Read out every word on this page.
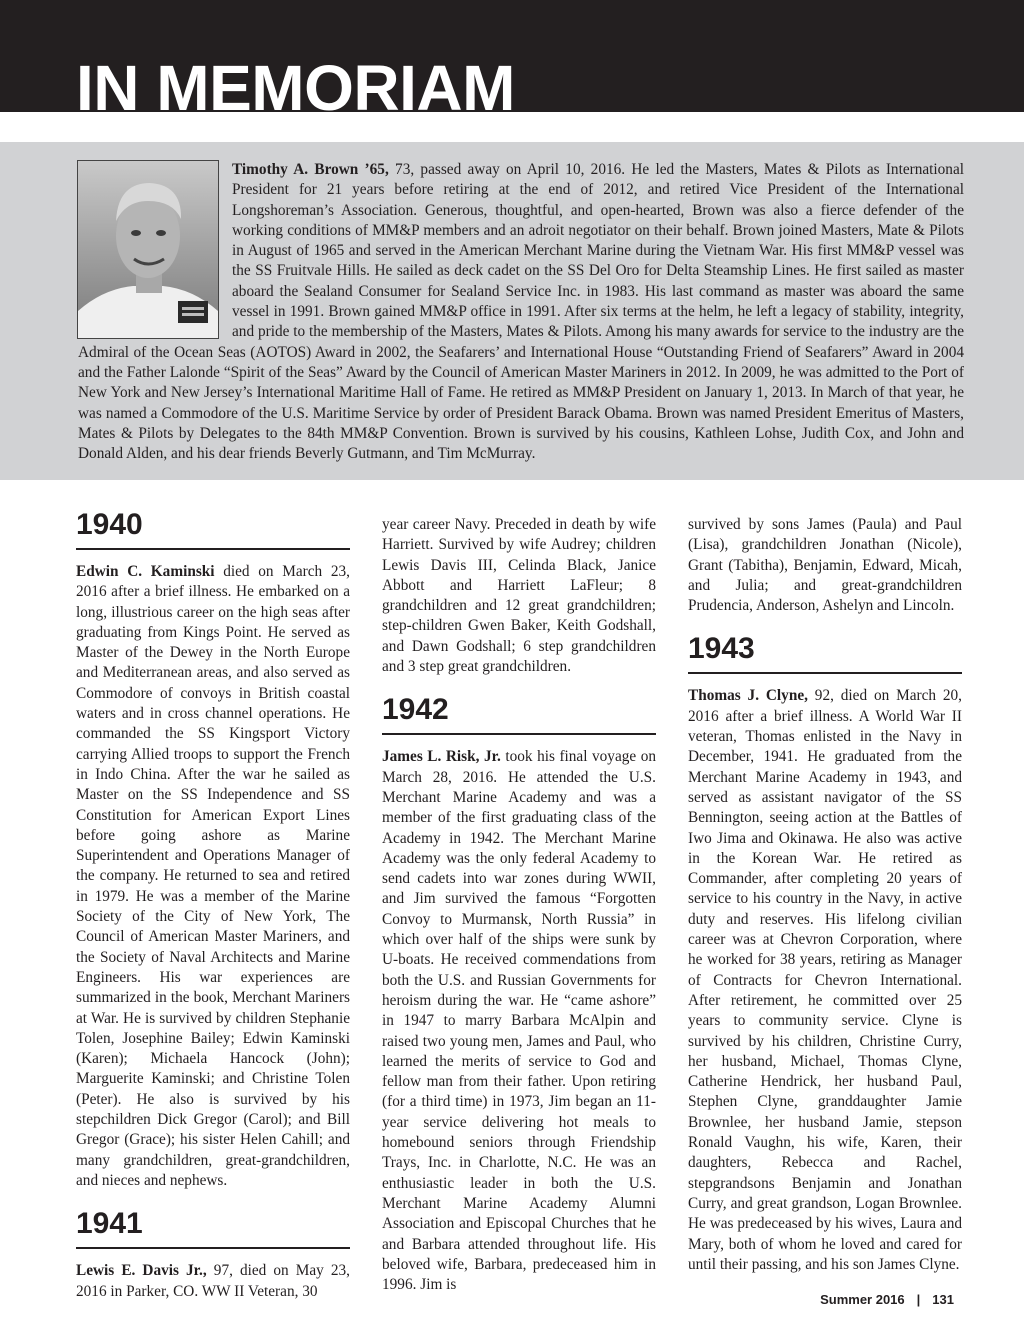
IN MEMORIAM
Timothy A. Brown ’65, 73, passed away on April 10, 2016. He led the Masters, Mates & Pilots as International President for 21 years before retiring at the end of 2012, and retired Vice President of the International Longshoreman’s Association. Generous, thoughtful, and open-hearted, Brown was also a fierce defender of the working conditions of MM&P members and an adroit negotiator on their behalf. Brown joined Masters, Mate & Pilots in August of 1965 and served in the American Merchant Marine during the Vietnam War. His first MM&P vessel was the SS Fruitvale Hills. He sailed as deck cadet on the SS Del Oro for Delta Steamship Lines. He first sailed as master aboard the Sealand Consumer for Sealand Service Inc. in 1983. His last command as master was aboard the same vessel in 1991. Brown gained MM&P office in 1991. After six terms at the helm, he left a legacy of stability, integrity, and pride to the membership of the Masters, Mates & Pilots. Among his many awards for service to the industry are the Admiral of the Ocean Seas (AOTOS) Award in 2002, the Seafarers’ and International House “Outstanding Friend of Seafarers” Award in 2004 and the Father Lalonde “Spirit of the Seas” Award by the Council of American Master Mariners in 2012. In 2009, he was admitted to the Port of New York and New Jersey’s International Maritime Hall of Fame. He retired as MM&P President on January 1, 2013. In March of that year, he was named a Commodore of the U.S. Maritime Service by order of President Barack Obama. Brown was named President Emeritus of Masters, Mates & Pilots by Delegates to the 84th MM&P Convention. Brown is survived by his cousins, Kathleen Lohse, Judith Cox, and John and Donald Alden, and his dear friends Beverly Gutmann, and Tim McMurray.
1940

Edwin C. Kaminski died on March 23, 2016 after a brief illness. He embarked on a long, illustrious career on the high seas after graduating from Kings Point. He served as Master of the Dewey in the North Europe and Mediterranean areas, and also served as Commodore of convoys in British coastal waters and in cross channel operations. He commanded the SS Kingsport Victory carrying Allied troops to support the French in Indo China. After the war he sailed as Master on the SS Independence and SS Constitution for American Export Lines before going ashore as Marine Superintendent and Operations Manager of the company. He returned to sea and retired in 1979. He was a member of the Marine Society of the City of New York, The Council of American Master Mariners, and the Society of Naval Architects and Marine Engineers. His war experiences are summarized in the book, Merchant Mariners at War. He is survived by children Stephanie Tolen, Josephine Bailey; Edwin Kaminski (Karen); Michaela Hancock (John); Marguerite Kaminski; and Christine Tolen (Peter). He also is survived by his stepchildren Dick Gregor (Carol); and Bill Gregor (Grace); his sister Helen Cahill; and many grandchildren, great-grandchildren, and nieces and nephews.

1941

Lewis E. Davis Jr., 97, died on May 23, 2016 in Parker, CO. WW II Veteran, 30

year career Navy. Preceded in death by wife Harriett. Survived by wife Audrey; children Lewis Davis III, Celinda Black, Janice Abbott and Harriett LaFleur; 8 grandchildren and 12 great grandchildren; step-children Gwen Baker, Keith Godshall, and Dawn Godshall; 6 step grandchildren and 3 step great grandchildren.

1942

James L. Risk, Jr. took his final voyage on March 28, 2016. He attended the U.S. Merchant Marine Academy and was a member of the first graduating class of the Academy in 1942. The Merchant Marine Academy was the only federal Academy to send cadets into war zones during WWII, and Jim survived the famous “Forgotten Convoy to Murmansk, North Russia” in which over half of the ships were sunk by U-boats. He received commendations from both the U.S. and Russian Governments for heroism during the war. He “came ashore” in 1947 to marry Barbara McAlpin and raised two young men, James and Paul, who learned the merits of service to God and fellow man from their father. Upon retiring (for a third time) in 1973, Jim began an 11-year service delivering hot meals to homebound seniors through Friendship Trays, Inc. in Charlotte, N.C. He was an enthusiastic leader in both the U.S. Merchant Marine Academy Alumni Association and Episcopal Churches that he and Barbara attended throughout life. His beloved wife, Barbara, predeceased him in 1996. Jim is

survived by sons James (Paula) and Paul (Lisa), grandchildren Jonathan (Nicole), Grant (Tabitha), Benjamin, Edward, Micah, and Julia; and great-grandchildren Prudencia, Anderson, Ashelyn and Lincoln.

1943

Thomas J. Clyne, 92, died on March 20, 2016 after a brief illness. A World War II veteran, Thomas enlisted in the Navy in December, 1941. He graduated from the Merchant Marine Academy in 1943, and served as assistant navigator of the SS Bennington, seeing action at the Battles of Iwo Jima and Okinawa. He also was active in the Korean War. He retired as Commander, after completing 20 years of service to his country in the Navy, in active duty and reserves. His lifelong civilian career was at Chevron Corporation, where he worked for 38 years, retiring as Manager of Contracts for Chevron International. After retirement, he committed over 25 years to community service. Clyne is survived by his children, Christine Curry, her husband, Michael, Thomas Clyne, Catherine Hendrick, her husband Paul, Stephen Clyne, granddaughter Jamie Brownlee, her husband Jamie, stepson Ronald Vaughn, his wife, Karen, their daughters, Rebecca and Rachel, stepgrandsons Benjamin and Jonathan Curry, and great grandson, Logan Brownlee. He was predeceased by his wives, Laura and Mary, both of whom he loved and cared for until their passing, and his son James Clyne.

Summer 2016 | 131
